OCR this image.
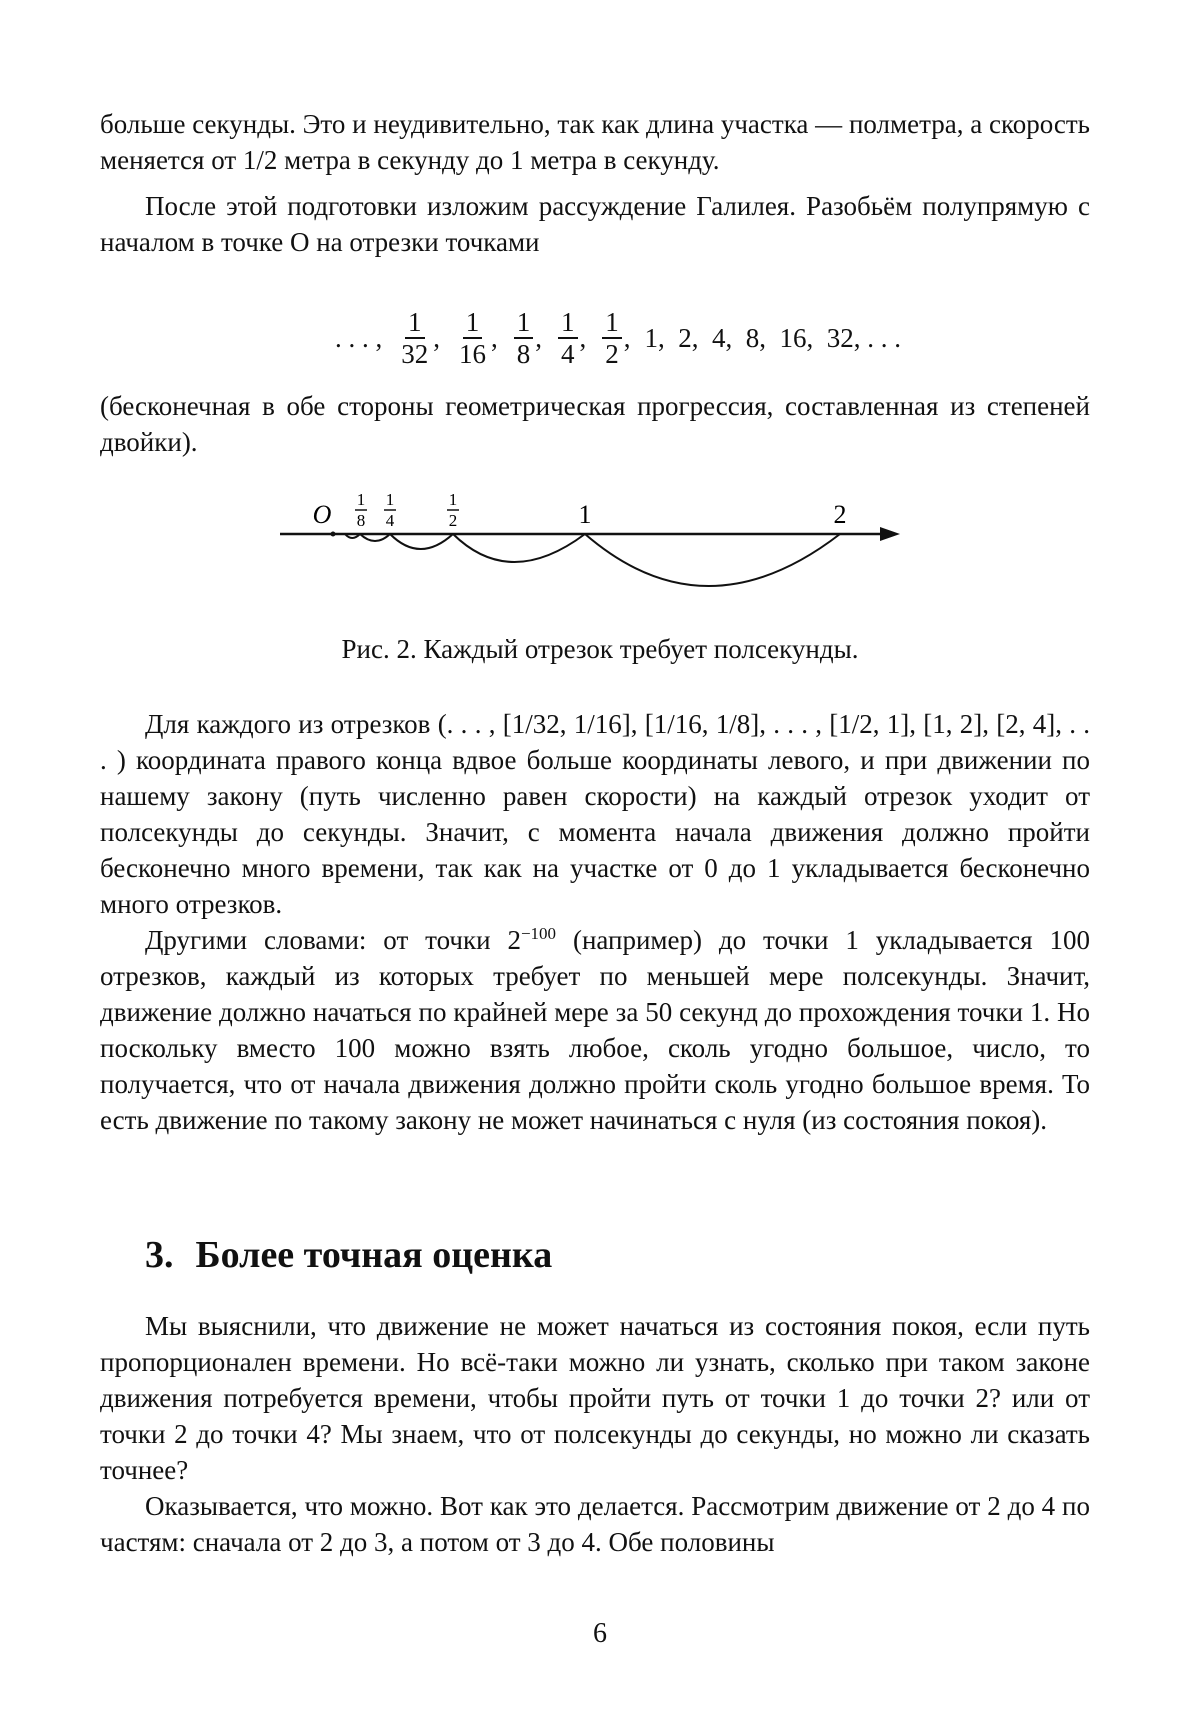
больше секунды. Это и неудивительно, так как длина участка — полметра, а скорость меняется от 1/2 метра в секунду до 1 метра в секунду.

После этой подготовки изложим рассуждение Галилея. Разобьём полупрямую с началом в точке O на отрезки точками

. . . ,
1
32
,
1
16
,
1
8
,
1
4
,
1
2
, 1,  2,  4,  8,  16,  32, . . .

(бесконечная в обе стороны геометрическая прогрессия, составленная из степеней двойки).

O
1
8
1
4
1
2	1	2
Рис. 2. Каждый отрезок требует полсекунды.

Для каждого из отрезков (. . . , [1/32, 1/16], [1/16, 1/8], . . . , [1/2, 1], [1, 2], [2, 4], . . . ) координата правого конца вдвое больше координаты левого, и при движении по нашему закону (путь численно равен скорости) на каждый отрезок уходит от полсекунды до секунды. Значит, с момента начала движения должно пройти бесконечно много времени, так как на участке от 0 до 1 укладывается бесконечно много отрезков.

Другими словами: от точки 2−100 (например) до точки 1 укладывается 100 отрезков, каждый из которых требует по меньшей мере полсекунды. Значит, движение должно начаться по крайней мере за 50 секунд до прохождения точки 1. Но поскольку вместо 100 можно взять любое, сколь угодно большое, число, то получается, что от начала движения должно пройти сколь угодно большое время. То есть движение по такому закону не может начинаться с нуля (из состояния покоя).

3. Более точная оценка

Мы выяснили, что движение не может начаться из состояния покоя, если путь пропорционален времени. Но всё-таки можно ли узнать, сколько при таком законе движения потребуется времени, чтобы пройти путь от точки 1 до точки 2? или от точки 2 до точки 4? Мы знаем, что от полсекунды до секунды, но можно ли сказать точнее?

Оказывается, что можно. Вот как это делается. Рассмотрим движение от 2 до 4 по частям: сначала от 2 до 3, а потом от 3 до 4. Обе половины

6
